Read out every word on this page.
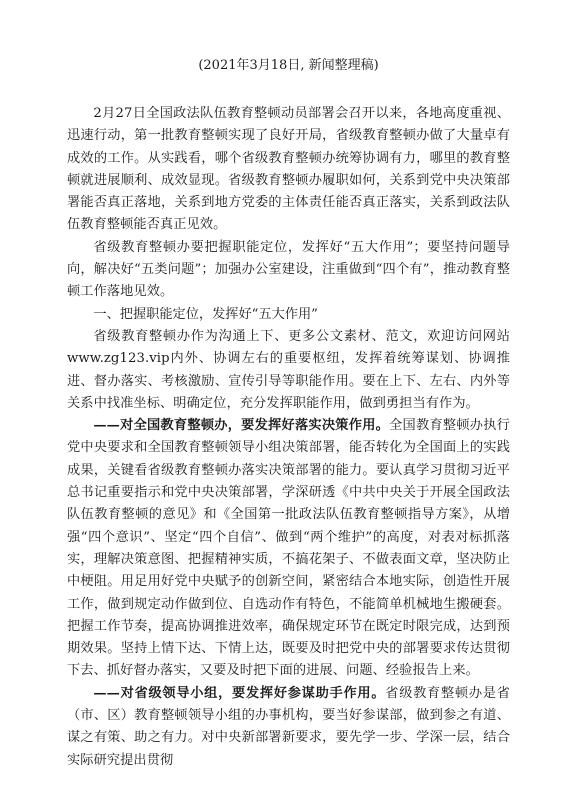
(2021年3月18日, 新闻整理稿)

2月27日全国政法队伍教育整顿动员部署会召开以来，各地高度重视、迅速行动，第一批教育整顿实现了良好开局，省级教育整顿办做了大量卓有成效的工作。从实践看，哪个省级教育整顿办统筹协调有力，哪里的教育整顿就进展顺利、成效显现。省级教育整顿办履职如何，关系到党中央决策部署能否真正落地，关系到地方党委的主体责任能否真正落实，关系到政法队伍教育整顿能否真正见效。

省级教育整顿办要把握职能定位，发挥好“五大作用”；要坚持问题导向，解决好“五类问题”；加强办公室建设，注重做到“四个有”，推动教育整顿工作落地见效。

一、把握职能定位，发挥好“五大作用”

省级教育整顿办作为沟通上下、更多公文素材、范文，欢迎访问网站www.zg123.vip内外、协调左右的重要枢纽，发挥着统筹谋划、协调推进、督办落实、考核激励、宣传引导等职能作用。要在上下、左右、内外等关系中找准坐标、明确定位，充分发挥职能作用，做到勇担当有作为。

——对全国教育整顿办，要发挥好落实决策作用。全国教育整顿办执行党中央要求和全国教育整顿领导小组决策部署，能否转化为全国面上的实践成果，关键看省级教育整顿办落实决策部署的能力。要认真学习贯彻习近平总书记重要指示和党中央决策部署，学深研透《中共中央关于开展全国政法队伍教育整顿的意见》和《全国第一批政法队伍教育整顿指导方案》，从增强“四个意识”、坚定“四个自信”、做到“两个维护”的高度，对表对标抓落实，理解决策意图、把握精神实质，不搞花架子、不做表面文章，坚决防止中梗阻。用足用好党中央赋予的创新空间，紧密结合本地实际，创造性开展工作，做到规定动作做到位、自选动作有特色，不能简单机械地生搬硬套。把握工作节奏，提高协调推进效率，确保规定环节在既定时限完成，达到预期效果。坚持上情下达、下情上达，既要及时把党中央的部署要求传达贯彻下去、抓好督办落实，又要及时把下面的进展、问题、经验报告上来。

——对省级领导小组，要发挥好参谋助手作用。省级教育整顿办是省（市、区）教育整顿领导小组的办事机构，要当好参谋部，做到参之有道、谋之有策、助之有力。对中央新部署新要求，要先学一步、学深一层，结合实际研究提出贯彻
